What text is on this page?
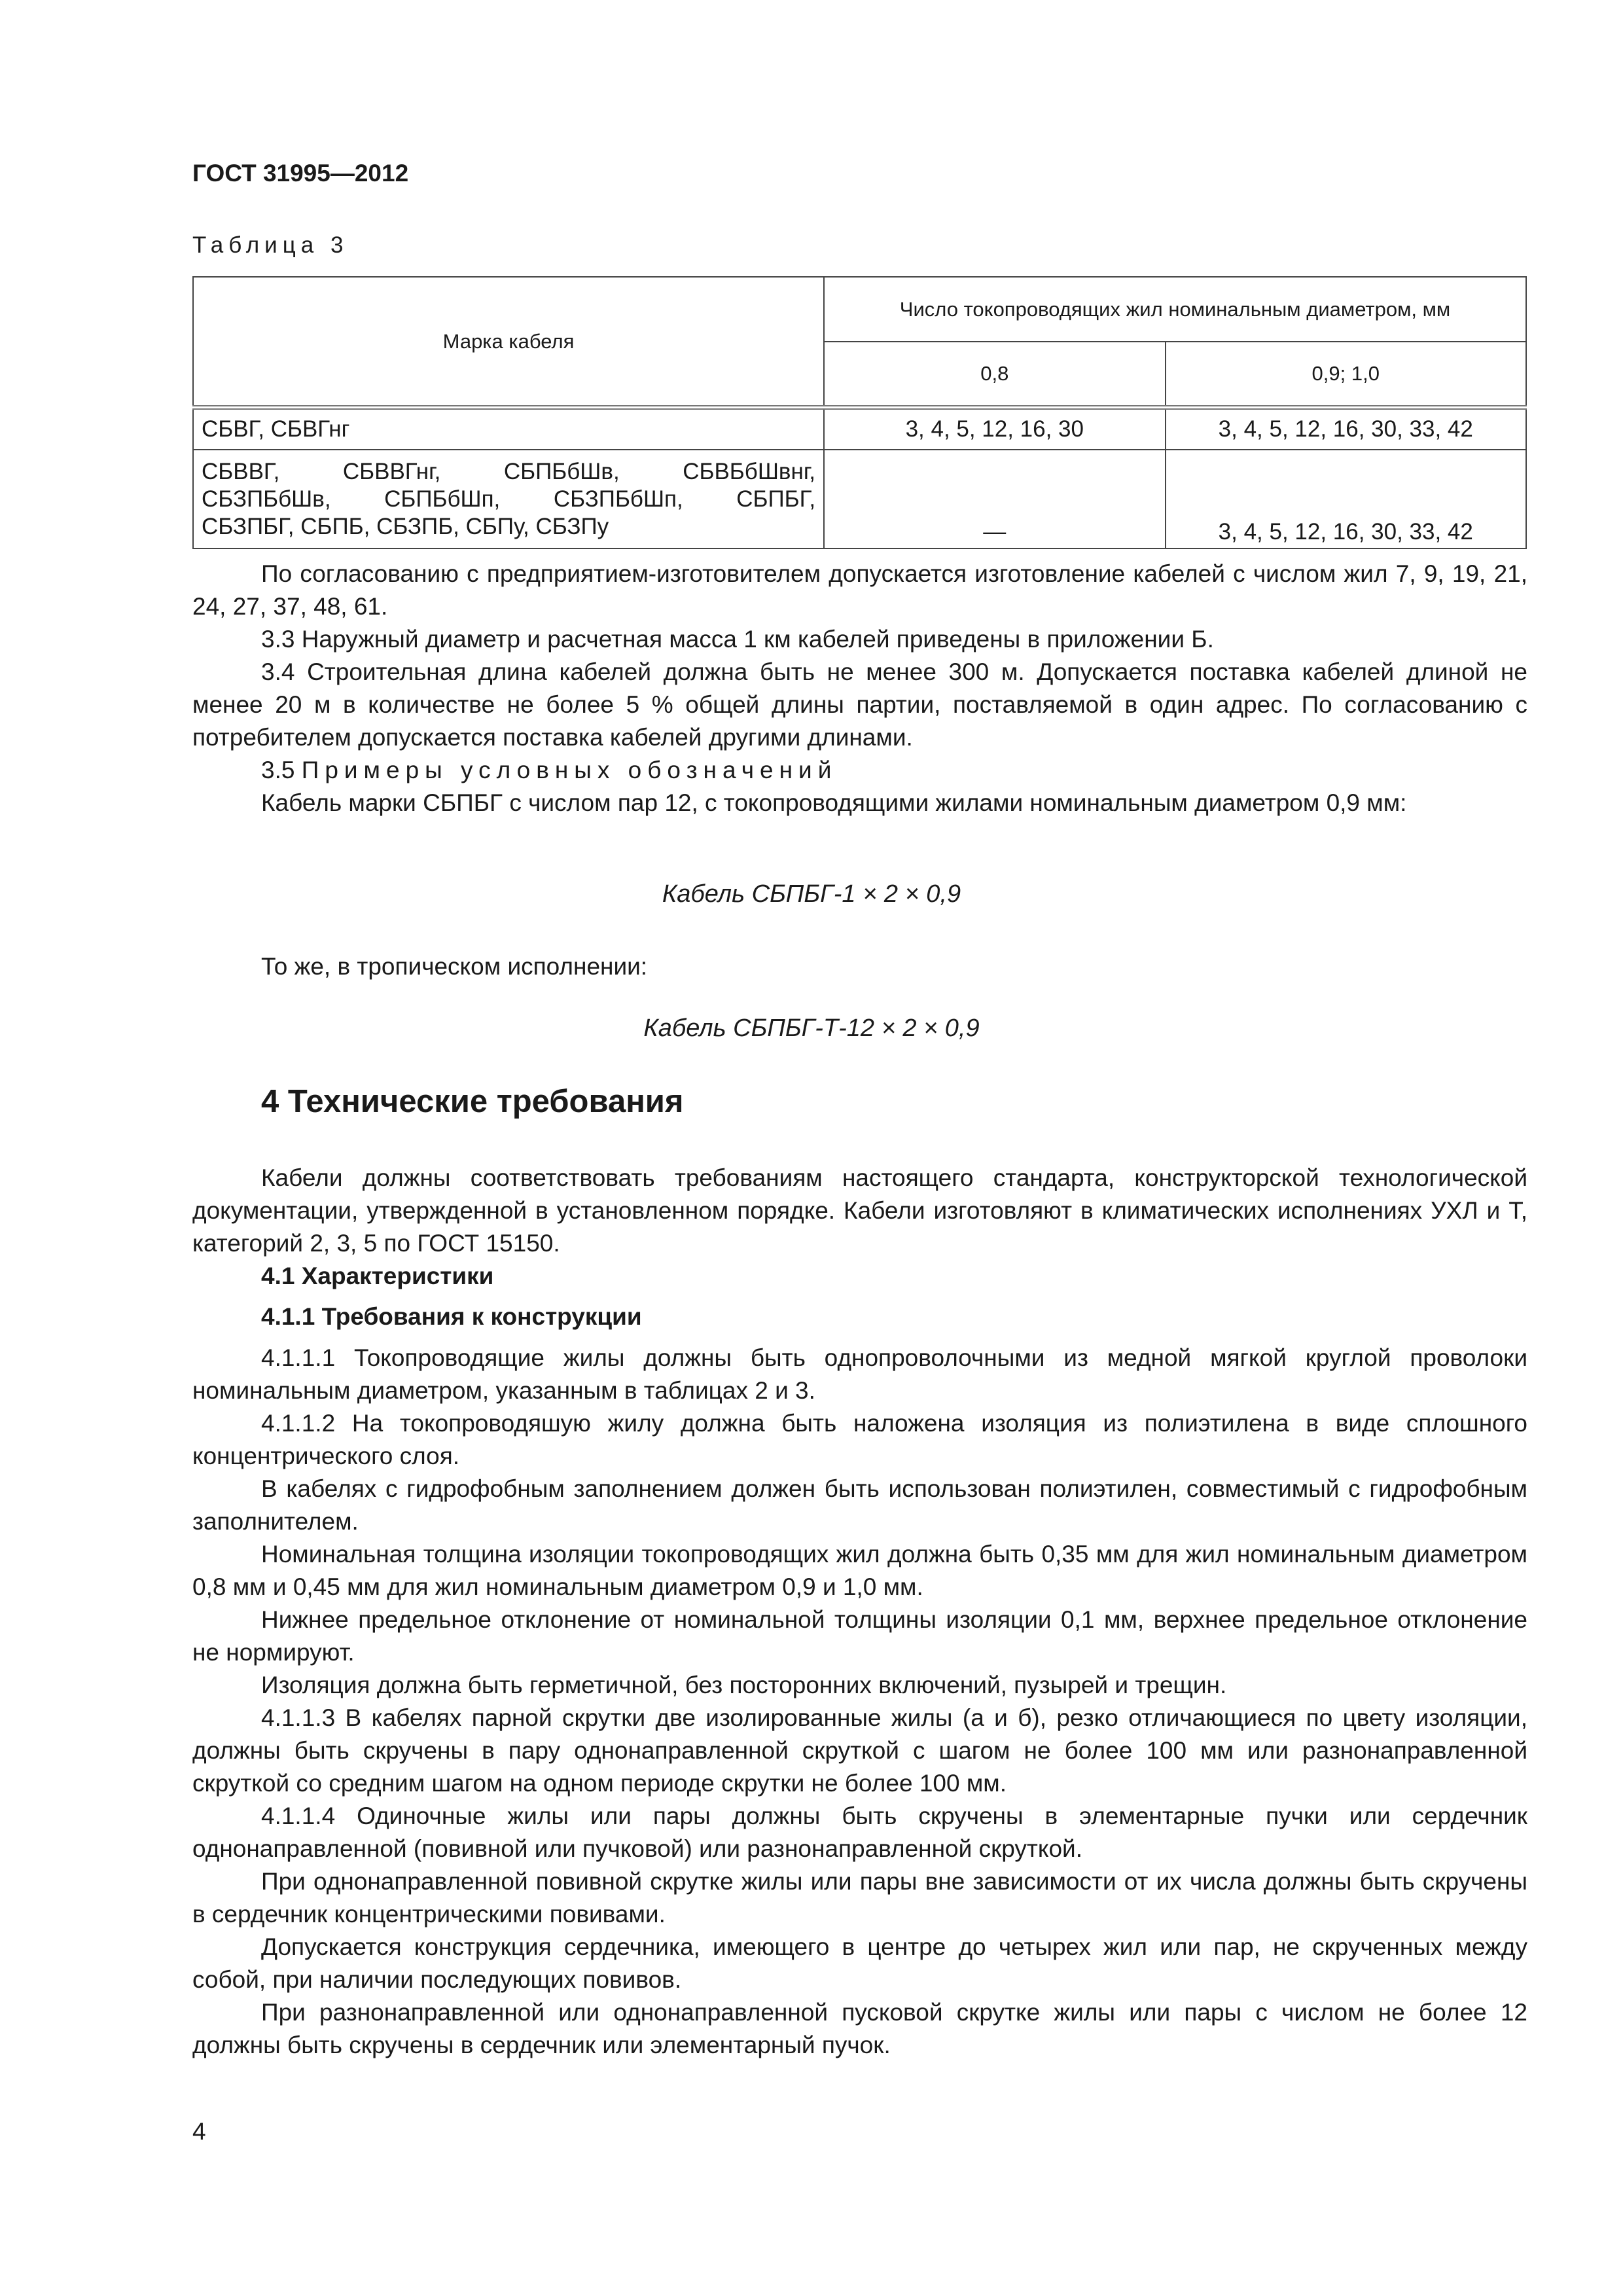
ГОСТ 31995—2012
Таблица 3
Марка кабеля	Число токопроводящих жил номинальным диаметром, мм	
	0,8	0,9; 1,0
СБВГ, СБВГнг	3, 4, 5, 12, 16, 30	3, 4, 5, 12, 16, 30, 33, 42

СБВВГ, СБВВГнг, СБПБбШв, СБВБбШвнг,
СБЗПБбШв, СБПБбШп, СБЗПБбШп, СБПБГ,
СБЗПБГ, СБПБ, СБЗПБ, СБПу, СБЗПу	—	3, 4, 5, 12, 16, 30, 33, 42

По согласованию с предприятием-изготовителем допускается изготовление кабелей с числом жил 7, 9, 19, 21, 24, 27, 37, 48, 61.

3.3 Наружный диаметр и расчетная масса 1 км кабелей приведены в приложении Б.

3.4 Строительная длина кабелей должна быть не менее 300 м. Допускается поставка кабелей длиной не менее 20 м в количестве не более 5 % общей длины партии, поставляемой в один адрес. По согласованию с потребителем допускается поставка кабелей другими длинами.

3.5 Примеры условных обозначений

Кабель марки СБПБГ с числом пар 12, с токопроводящими жилами номинальным диаметром 0,9 мм:

Кабель СБПБГ-1 × 2 × 0,9

То же, в тропическом исполнении:

Кабель СБПБГ-Т-12 × 2 × 0,9
4 Технические требования

Кабели должны соответствовать требованиям настоящего стандарта, конструкторской технологической документации, утвержденной в установленном порядке. Кабели изготовляют в климатических исполнениях УХЛ и Т, категорий 2, 3, 5 по ГОСТ 15150.

4.1 Характеристики

4.1.1 Требования к конструкции

4.1.1.1 Токопроводящие жилы должны быть однопроволочными из медной мягкой круглой проволоки номинальным диаметром, указанным в таблицах 2 и 3.

4.1.1.2 На токопроводяшую жилу должна быть наложена изоляция из полиэтилена в виде сплошного концентрического слоя.

В кабелях с гидрофобным заполнением должен быть использован полиэтилен, совместимый с гидрофобным заполнителем.

Номинальная толщина изоляции токопроводящих жил должна быть 0,35 мм для жил номинальным диаметром 0,8 мм и 0,45 мм для жил номинальным диаметром 0,9 и 1,0 мм.

Нижнее предельное отклонение от номинальной толщины изоляции 0,1 мм, верхнее предельное отклонение не нормируют.

Изоляция должна быть герметичной, без посторонних включений, пузырей и трещин.

4.1.1.3 В кабелях парной скрутки две изолированные жилы (а и б), резко отличающиеся по цвету изоляции, должны быть скручены в пару однонаправленной скруткой с шагом не более 100 мм или разнонаправленной скруткой со средним шагом на одном периоде скрутки не более 100 мм.

4.1.1.4 Одиночные жилы или пары должны быть скручены в элементарные пучки или сердечник однонаправленной (повивной или пучковой) или разнонаправленной скруткой.

При однонаправленной повивной скрутке жилы или пары вне зависимости от их числа должны быть скручены в сердечник концентрическими повивами.

Допускается конструкция сердечника, имеющего в центре до четырех жил или пар, не скрученных между собой, при наличии последующих повивов.

При разнонаправленной или однонаправленной пусковой скрутке жилы или пары с числом не более 12 должны быть скручены в сердечник или элементарный пучок.

4
